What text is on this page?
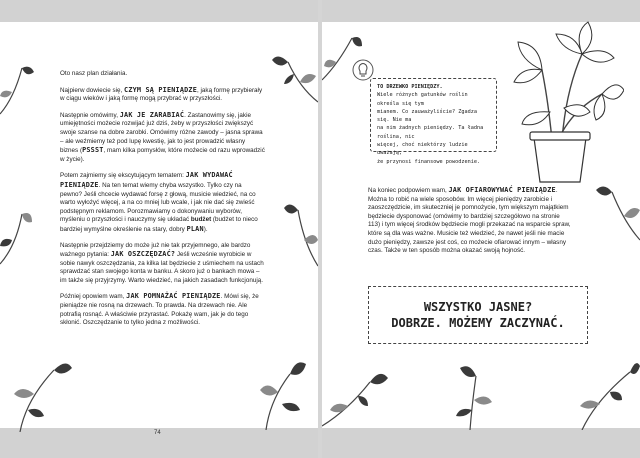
Oto nasz plan działania.

Najpierw dowiecie się, CZYM SĄ PIENIĄDZE, jaką formę przybierały w ciągu wieków i jaką formę mogą przybrać w przyszłości.

Następnie omówimy, JAK JE ZARABIAĆ. Zastanowimy się, jakie umiejętności możecie rozwijać już dziś, żeby w przyszłości zwiększyć swoje szanse na dobre zarobki. Omówimy różne zawody – jasna sprawa – ale weźmiemy też pod lupę kwestię, jak to jest prowadzić własny biznes (PSSST, mam kilka pomysłów, które możecie od razu wprowadzić w życie).

Potem zajmiemy się ekscytującym tematem: JAK WYDAWAĆ PIENIĄDZE. Na ten temat wiemy chyba wszystko. Tylko czy na pewno? Jeśli chcecie wydawać forsę z głową, musicie wiedzieć, na co warto wyłożyć więcej, a na co mniej lub wcale, i jak nie dać się zwieść podstępnym reklamom. Porozmawiamy o dokonywaniu wyborów, myśleniu o przyszłości i nauczymy się układać budżet (budżet to nieco bardziej wymyślne określenie na stary, dobry PLAN).

Następnie przejdziemy do może już nie tak przyjemnego, ale bardzo ważnego pytania: JAK OSZCZĘDZAĆ? Jeśli wcześnie wyrobicie w sobie nawyk oszczędzania, za kilka lat będziecie z uśmiechem na ustach sprawdzać stan swojego konta w banku. A skoro już o bankach mowa – im także się przyjrzymy. Warto wiedzieć, na jakich zasadach funkcjonują.

Później opowiem wam, JAK POMNAŻAĆ PIENIĄDZE. Mówi się, że pieniądze nie rosną na drzewach. To prawda. Na drzewach nie. Ale potrafią rosnąć. A właściwie przyrastać. Pokażę wam, jak je do tego skłonić. Oszczędzanie to tylko jedna z możliwości.

74

Na koniec podpowiem wam, JAK OFIAROWYWAĆ PIENIĄDZE. Można to robić na wiele sposobów. Im więcej pieniędzy zarobicie i zaoszczędzicie, im skuteczniej je pomnożycie, tym większym majątkiem będziecie dysponować (omówimy to bardziej szczegółowo na stronie 113) i tym więcej środków będziecie mogli przekazać na wsparcie spraw, które są dla was ważne. Musicie też wiedzieć, że nawet jeśli nie macie dużo pieniędzy, zawsze jest coś, co możecie ofiarować innym – własny czas. Także w ten sposób można okazać swoją hojność.

TO DRZEWKO PIENIĘDZY.
Wiele różnych gatunków roślin określa się tym
mianem. Co zauważyliście? Zgadza się. Nie ma
na nim żadnych pieniędzy. Ta ładna roślina, nic
więcej, choć niektórzy ludzie uważają,
że przynosi finansowe powodzenie.
WSZYSTKO JASNE?
DOBRZE. MOŻEMY ZACZYNAĆ.
